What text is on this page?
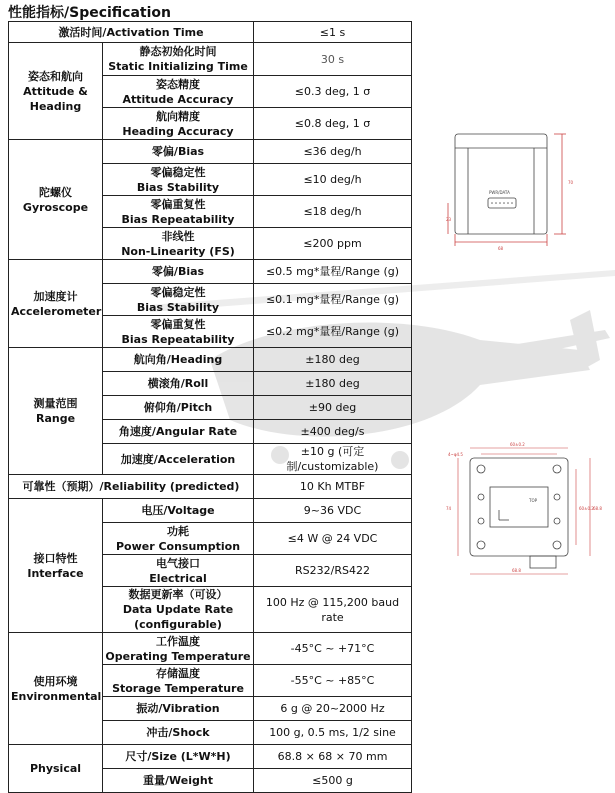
性能指标/Specification
激活时间/Activation Time		≤1 s

姿态和航向
Attitude &
Heading	静态初始化时间
Static Initializing Time	30 s

	姿态精度
Attitude Accuracy	≤0.3 deg, 1 σ

	航向精度
Heading Accuracy	≤0.8 deg, 1 σ

陀螺仪
Gyroscope	零偏/Bias	≤36 deg/h

	零偏稳定性
Bias Stability	≤10 deg/h

	零偏重复性
Bias Repeatability	≤18 deg/h

	非线性
Non-Linearity (FS)	≤200 ppm

加速度计
Accelerometer	零偏/Bias	≤0.5 mg*量程/Range (g)

	零偏稳定性
Bias Stability	≤0.1 mg*量程/Range (g)

	零偏重复性
Bias Repeatability	≤0.2 mg*量程/Range (g)

测量范围
Range	航向角/Heading	±180 deg
	横滚角/Roll	±180 deg
	俯仰角/Pitch	±90 deg
	角速度/Angular Rate	±400 deg/s
	加速度/Acceleration	±10 g (可定制/customizable)
可靠性（预期）/Reliability (predicted)		10 Kh MTBF

接口特性
Interface	电压/Voltage	9~36 VDC

	功耗
Power Consumption	≤4 W @ 24 VDC

	电气接口
Electrical	RS232/RS422

	数据更新率（可设）
Data Update Rate
(configurable)	100 Hz @ 115,200 baud rate

使用环境
Environmental	工作温度
Operating Temperature	-45°C ~ +71°C

	存储温度
Storage Temperature	-55°C ~ +85°C
	振动/Vibration	6 g @ 20~2000 Hz
	冲击/Shock	100 g, 0.5 ms, 1/2 sine
Physical	尺寸/Size (L*W*H)	68.8 × 68 × 70 mm
	重量/Weight	≤500 g
PWR/DATA
70
23
68
4~φ4.5
60±0.2
74	60±0.2 68.8
68.8
TOP
